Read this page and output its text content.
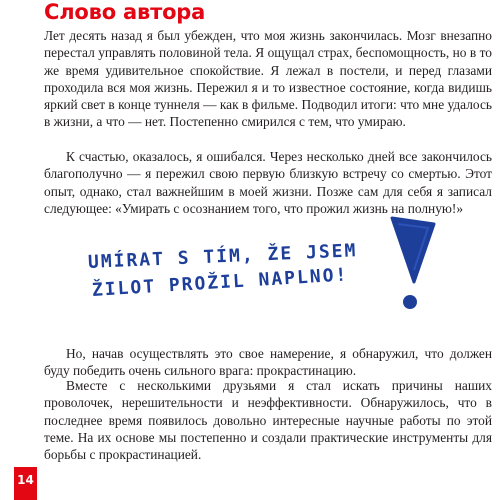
Слово автора

Лет десять назад я был убежден, что моя жизнь закончилась. Мозг внезапно перестал управлять половиной тела. Я ощущал страх, беспомощность, но в то же время удивительное спокойствие. Я лежал в постели, и перед глазами проходила вся моя жизнь. Пережил я и то известное состояние, когда видишь яркий свет в конце туннеля — как в фильме. Подводил итоги: что мне удалось в жизни, а что — нет. Постепенно смирился с тем, что умираю.

К счастью, оказалось, я ошибался. Через несколько дней все закончилось благополучно — я пережил свою первую близкую встречу со смертью. Этот опыт, однако, стал важнейшим в моей жизни. Позже сам для себя я записал следующее: «Умирать с осознанием того, что прожил жизнь на полную!»

UMÍRAT S TÍM, ŽE JSEM
ŽILOT PROŽIL NAPLNO!

Но, начав осуществлять это свое намерение, я обнаружил, что должен буду победить очень сильного врага: прокрастинацию.

Вместе с несколькими друзьями я стал искать причины наших проволочек, нерешительности и неэффективности. Обнаружилось, что в последнее время появилось довольно интересные научные работы по этой теме. На их основе мы постепенно и создали практические инструменты для борьбы с прокрастинацией.

14
